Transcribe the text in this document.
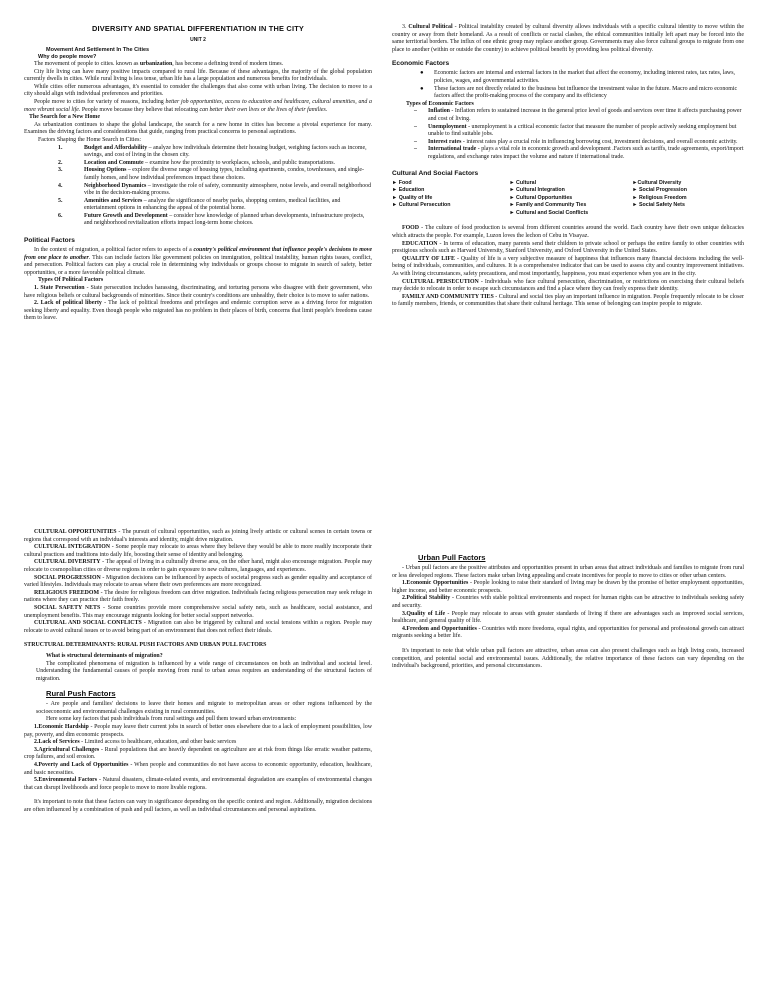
DIVERSITY AND SPATIAL DIFFERENTIATION IN THE CITY
UNIT 2
Movement And Settlement In The Cities
Why do people move?

The movement of people to cities. known as urbanization, has become a defining trend of modern times.

City life living can have many positive impacts compared to rural life. Because of these advantages, the majority of the global population currently dwells in cities. While rural living is less tense, urban life has a large population and numerous benefits for individuals.

While cities offer numerous advantages, it's essential to consider the challenges that also come with urban living. The decision to move to a city should align with individual preferences and priorities.

People move to cities for variety of reasons, including better job opportunities, access to education and healthcare, cultural amenities, and a more vibrant social life. People move because they believe that relocating can better their own lives or the lives of their families.

The Search for a New Home

As urbanization continues to shape the global landscape, the search for a new home in cities has become a pivotal experience for many. Examines the driving factors and considerations that guide, ranging from practical concerns to personal aspirations.

Factors Shaping the Home Search in Cities:

1.	Budget and Affordability – analyze how individuals determine their housing budget, weighing factors such as income, savings, and cost of living in the chosen city.
2.	Location and Commute – examine how the proximity to workplaces, schools, and public transportations.
3.	Housing Options – explore the diverse range of housing types, including apartments, condos, townhouses, and single-family homes, and how individual preferences impact these choices.
4.	Neighborhood Dynamics – investigate the role of safety, community atmosphere, noise levels, and overall neighborhood vibe in the decision-making process.
5.	Amenities and Services – analyze the significance of nearby parks, shopping centers, medical facilities, and entertainment options in enhancing the appeal of the potential home.
6.	Future Growth and Development – consider how knowledge of planned urban developments, infrastructure projects, and neighborhood revitalization efforts impact long-term home choices.
Political Factors

In the context of migration, a political factor refers to aspects of a country's political environment that influence people's decisions to move from one place to another. This can include factors like government policies on immigration, political instability, human rights issues, conflict, and persecution. Political factors can play a crucial role in determining why individuals or groups choose to migrate in search of safety, better opportunities, or a more favorable political climate.

Types Of Political Factors

1. State Persecution - State persecution includes harassing, discriminating, and torturing persons who disagree with their government, who have religious beliefs or cultural backgrounds of minorities. Since their country's conditions are unhealthy, their choice is to move to safer nations.

2. Lack of political liberty - The lack of political freedoms and privileges and endemic corruption serve as a driving force for migration seeking liberty and equality. Even though people who migrated has no problem in their places of birth, concerns that limit people's freedoms cause them to leave.

3. Cultural Political - Political instability created by cultural diversity allows individuals with a specific cultural identity to move within the country or away from their homeland. As a result of conflicts or racial clashes, the ethical communities initially left apart may be forced into the same territorial borders. The influx of one ethnic group may replace another group. Governments may also force cultural groups to migrate from one place to another (within or outside the country) to achieve political benefit by providing less political diversity.

Economic Factors
● Economic factors are internal and external factors in the market that affect the economy, including interest rates, tax rates, laws, policies, wages, and governmental activities.
● These factors are not directly related to the business but influence the investment value in the future. Macro and micro economic factors affect the profit-making process of the company and its efficiency
Types of Economic Factors
– Inflation - Inflation refers to sustained increase in the general price level of goods and services over time it affects purchasing power and cost of living.
– Unemployment - unemployment is a critical economic factor that measure the number of people actively seeking employment but unable to find suitable jobs.
– Interest rates - interest rates play a crucial role in influencing borrowing cost, investment decisions, and overall economic activity.
– International trade - plays a vital role in economic growth and development .Factors such as tariffs, trade agreements, export/import regulations, and exchange rates impact the volume and nature if international trade.
Cultural And Social Factors
► Food
► Education
► Quality of life
► Cultural Persecution

► Cultural
► Cultural Integration
► Cultural Opportunities
► Family and Community Ties
► Cultural and Social Conflicts

►Cultural Diversity
► Social Progression
► Religious Freedom
► Social Safety Nets

FOOD - The culture of food production is several from different countries around the world. Each country have their own unique delicacies which attracts the people. For example, Luzon loves the lechon of Cebu in Visayaz.

EDUCATION - In terms of education, many parents send their children to private school or perhaps the entire family to other countries with prestigious schools such as Harvard University, Stanford University, and Oxford University in the United States.

QUALITY OF LIFE - Quality of life is a very subjective measure of happiness that influences many financial decisions including the well-being of individuals, communities, and cultures. It is a comprehensive indicator that can be used to assess city and country improvement initiatives. As with living circumstances, safety precautions, and most importantly, happiness, you must experience when you are in the city.

CULTURAL PERSECUTION - Individuals who face cultural persecution, discrimination, or restrictions on exercising their cultural beliefs may decide to relocate in order to escape such circumstances and find a place where they can freely express their identity.

FAMILY AND COMMUNITY TIES - Cultural and social ties play an important influence in migration. People frequently relocate to be closer to family members, friends, or communities that share their cultural heritage. This sense of belonging can inspire people to migrate.

CULTURAL OPPORTUNITIES - The pursuit of cultural opportunities, such as joining lively artistic or cultural scenes in certain towns or regions that correspond with an individual's interests and identity, might drive migration.

CULTURAL INTEGRATION - Some people may relocate to areas where they believe they would be able to more readily incorporate their cultural practices and traditions into daily life, boosting their sense of identity and belonging.

CULTURAL DIVERSITY - The appeal of living in a culturally diverse area, on the other hand, might also encourage migration. People may relocate to cosmopolitan cities or diverse regions in order to gain exposure to new cultures, languages, and experiences.

SOCIAL PROGRESSION - Migration decisions can be influenced by aspects of societal progress such as gender equality and acceptance of varied lifestyles. Individuals may relocate to areas where their own preferences are more recognized.

RELIGIOUS FREEDOM - The desire for religious freedom can drive migration. Individuals facing religious persecution may seek refuge in nations where they can practice their faith freely.

SOCIAL SAFETY NETS - Some countries provide more comprehensive social safety nets, such as healthcare, social assistance, and unemployment benefits. This may encourage migrants looking for better social support networks.

CULTURAL AND SOCIAL CONFLICTS - Migration can also be triggered by cultural and social tensions within a region. People may relocate to avoid cultural issues or to avoid being part of an environment that does not reflect their ideals.

STRUCTURAL DETERMINANTS: RURAL PUSH FACTORS AND URBAN PULL FACTORS
What is structural determinants of migration?

The complicated phenomena of migration is influenced by a wide range of circumstances on both an individual and societal level. Understanding the fundamental causes of people moving from rural to urban areas requires an understanding of the structural factors of migration.

Rural Push Factors

- Are people and families' decisions to leave their homes and migrate to metropolitan areas or other regions influenced by the socioeconomic and environmental challenges existing in rural communities.

Here some key factors that push individuals from rural settings and pull them toward urban environments:

1.Economic Hardship - People may leave their current jobs in search of better ones elsewhere due to a lack of employment possibilities, low pay, poverty, and dim economic prospects.

2.Lack of Services - Limited access to healthcare, education, and other basic services

3.Agricultural Challenges - Rural populations that are heavily dependent on agriculture are at risk from things like erratic weather patterns, crop failures, and soil erosion.

4.Poverty and Lack of Opportunities - When people and communities do not have access to economic opportunity, education, healthcare, and basic necessities.

5.Environmental Factors - Natural disasters, climate-related events, and environmental degradation are examples of environmental changes that can disrupt livelihoods and force people to move to more livable regions.

It's important to note that these factors can vary in significance depending on the specific context and region. Additionally, migration decisions are often influenced by a combination of push and pull factors, as well as individual circumstances and personal aspirations.

Urban Pull Factors

- Urban pull factors are the positive attributes and opportunities present in urban areas that attract individuals and families to migrate from rural or less developed regions. These factors make urban living appealing and create incentives for people to move to cities or other urban centers.

1.Economic Opportunities - People looking to raise their standard of living may be drawn by the promise of better employment opportunities, higher income, and better economic prospects.

2.Political Stability - Countries with stable political environments and respect for human rights can be attractive to individuals seeking safety and security.

3.Quality of Life - People may relocate to areas with greater standards of living if there are advantages such as improved social services, healthcare, and general quality of life.

4.Freedom and Opportunities - Countries with more freedoms, equal rights, and opportunities for personal and professional growth can attract migrants seeking a better life.

It's important to note that while urban pull factors are attractive, urban areas can also present challenges such as high living costs, increased competition, and potential social and environmental issues. Additionally, the relative importance of these factors can vary depending on the individual's background, priorities, and personal circumstances.
